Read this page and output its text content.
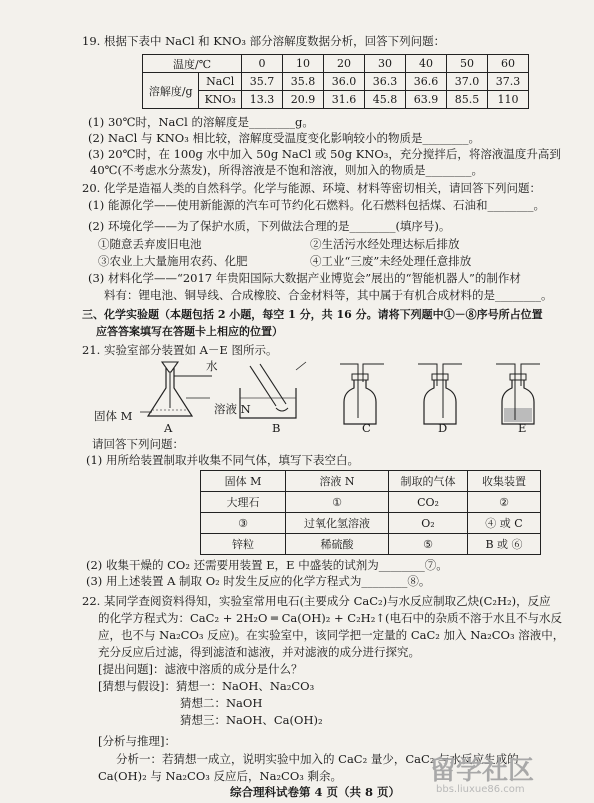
19. 根据下表中 NaCl 和 KNO₃ 部分溶解度数据分析，回答下列问题：
温度/℃		0	10	20	30	40	50	60
溶解度/g	NaCl	35.7	35.8	36.0	36.3	36.6	37.0	37.3
	KNO₃	13.3	20.9	31.6	45.8	63.9	85.5	110
(1) 30℃时，NaCl 的溶解度是________g。
(2) NaCl 与 KNO₃ 相比较，溶解度受温度变化影响较小的物质是________。
(3) 20℃时，在 100g 水中加入 50g NaCl 或 50g KNO₃，充分搅拌后，将溶液温度升高到
40℃(不考虑水分蒸发)，所得溶液是不饱和溶液，则加入的物质是________。
20. 化学是造福人类的自然科学。化学与能源、环境、材料等密切相关，请回答下列问题：
(1) 能源化学——使用新能源的汽车可节约化石燃料。化石燃料包括煤、石油和________。
(2) 环境化学——为了保护水质，下列做法合理的是________(填序号)。
①随意丢弃废旧电池	②生活污水经处理达标后排放
③农业上大量施用农药、化肥	④工业“三废”未经处理任意排放
(3) 材料化学——“2017 年贵阳国际大数据产业博览会”展出的“智能机器人”的制作材
料有：锂电池、铜导线、合成橡胶、合金材料等，其中属于有机合成材料的是________。
三、化学实验题（本题包括 2 小题，每空 1 分，共 16 分。请将下列题中①－⑧序号所占位置
应答答案填写在答题卡上相应的位置）
21. 实验室部分装置如 A－E 图所示。
水
固体 M	溶液 N
A	B	C	D	E
请回答下列问题：
(1) 用所给装置制取并收集不同气体，填写下表空白。
固体 M	溶液 N	制取的气体	收集装置
大理石	①	CO₂	②
③	过氧化氢溶液	O₂	④ 或 C
锌粒	稀硫酸	⑤	B 或 ⑥
(2) 收集干燥的 CO₂ 还需要用装置 E，E 中盛装的试剂为________⑦。
(3) 用上述装置 A 制取 O₂ 时发生反应的化学方程式为________⑧。
22. 某同学查阅资料得知，实验室常用电石(主要成分 CaC₂)与水反应制取乙炔(C₂H₂)，反应
的化学方程式为：CaC₂ + 2H₂O ═ Ca(OH)₂ + C₂H₂↑(电石中的杂质不溶于水且不与水反
应，也不与 Na₂CO₃ 反应)。在实验室中，该同学把一定量的 CaC₂ 加入 Na₂CO₃ 溶液中，
充分反应后过滤，得到滤渣和滤液，并对滤液的成分进行探究。
[提出问题]：滤液中溶质的成分是什么？
[猜想与假设]：猜想一：NaOH、Na₂CO₃
猜想二：NaOH
猜想三：NaOH、Ca(OH)₂
[分析与推理]：
分析一：若猜想一成立，说明实验中加入的 CaC₂ 量少，CaC₂ 与水反应生成的
Ca(OH)₂ 与 Na₂CO₃ 反应后，Na₂CO₃ 剩余。
综合理科试卷第 4 页（共 8 页）
留学社区
bbs.liuxue86.com
